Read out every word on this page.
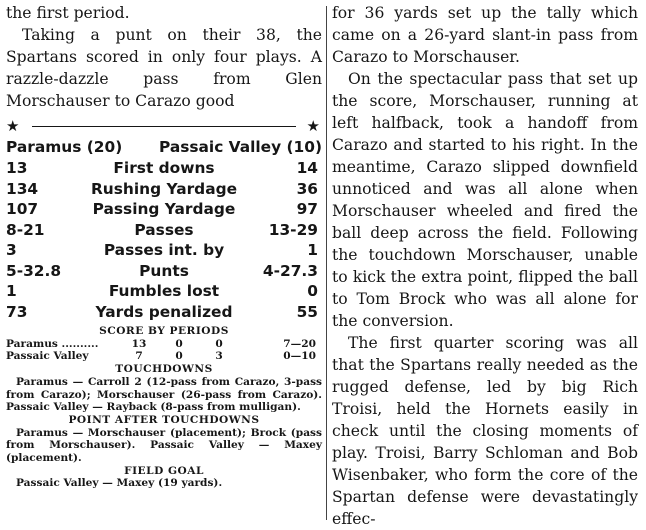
the first period.

Taking a punt on their 38, the Spartans scored in only four plays. A razzle-dazzle pass from Glen Morschauser to Carazo good

★	★
Paramus (20) Passaic Valley (10)
13	First downs	14
134	Rushing Yardage	36
107	Passing Yardage	97
8-21	Passes	13-29
3	Passes int. by	1
5-32.8	Punts	4-27.3
1	Fumbles lost	0
73	Yards penalized	55
SCORE BY PERIODS
Paramus ..........	13	0	0	7—20
Passaic Valley	7	0	3	0—10
TOUCHDOWNS
Paramus — Carroll 2 (12-pass from Carazo, 3-pass from Carazo); Morschauser (26-pass from Carazo). Passaic Valley — Rayback (8-pass from mulligan).
POINT AFTER TOUCHDOWNS
Paramus — Morschauser (placement); Brock (pass from Morschauser). Passaic Valley — Maxey (placement).
FIELD GOAL
Passaic Valley — Maxey (19 yards).

for 36 yards set up the tally which came on a 26-yard slant-in pass from Carazo to Morschauser.

On the spectacular pass that set up the score, Morschauser, running at left halfback, took a handoff from Carazo and started to his right. In the meantime, Carazo slipped downfield unnoticed and was all alone when Morschauser wheeled and fired the ball deep across the field. Following the touchdown Morschauser, unable to kick the extra point, flipped the ball to Tom Brock who was all alone for the conversion.

The first quarter scoring was all that the Spartans really needed as the rugged defense, led by big Rich Troisi, held the Hornets easily in check until the closing moments of play. Troisi, Barry Schloman and Bob Wisenbaker, who form the core of the Spartan defense were devastatingly effec-
